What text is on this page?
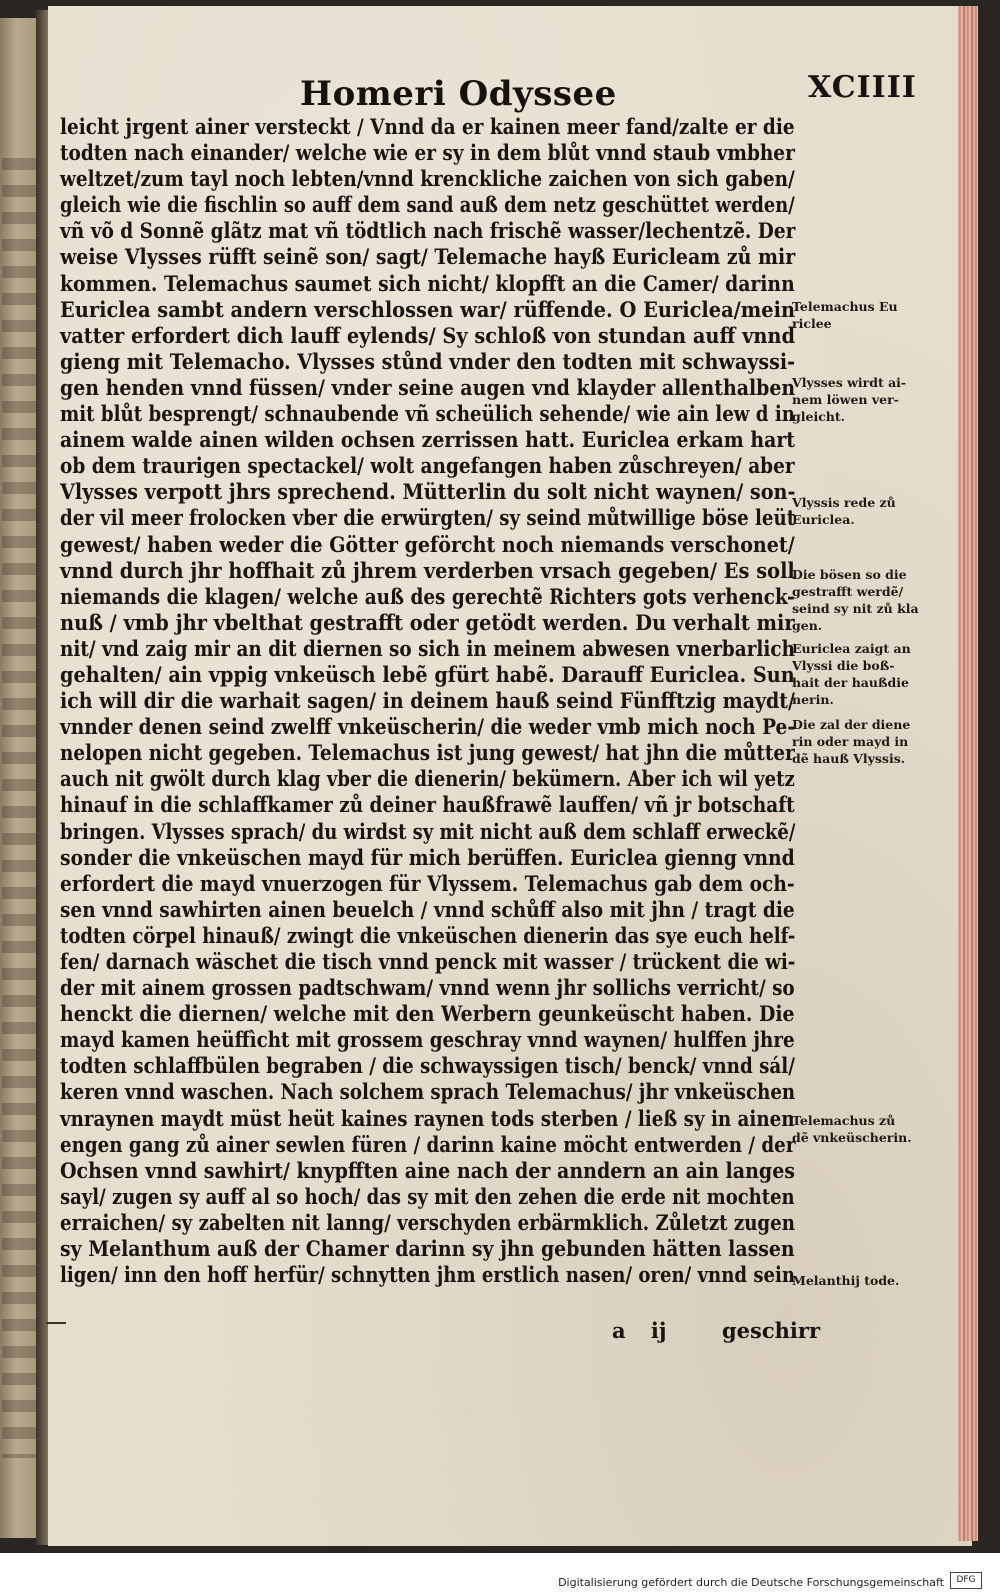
Homeri Odyssee	XCIIII
leicht jrgent ainer versteckt / Vnnd da er kainen meer fand/zalte er die
todten nach einander/ welche wie er sy in dem blůt vnnd staub vmbher
weltzet/zum tayl noch lebten/vnnd krenckliche zaichen von sich gaben/
gleich wie die fischlin so auff dem sand auß dem netz geschüttet werden/
vñ võ d Sonnẽ glãtz mat vñ tödtlich nach frischẽ wasser/lechentzẽ. Der
weise Vlysses rüfft seinẽ son/ sagt/ Telemache hayß Euricleam zů mir
kommen. Telemachus saumet sich nicht/ klopfft an die Camer/ darinn
Euriclea sambt andern verschlossen war/ rüffende. O Euriclea/mein
vatter erfordert dich lauff eylends/ Sy schloß von stundan auff vnnd
gieng mit Telemacho. Vlysses stůnd vnder den todten mit schwayssi-
gen henden vnnd füssen/ vnder seine augen vnd klayder allenthalben
mit blůt besprengt/ schnaubende vñ scheülich sehende/ wie ain lew d in
ainem walde ainen wilden ochsen zerrissen hatt. Euriclea erkam hart
ob dem traurigen spectackel/ wolt angefangen haben zůschreyen/ aber
Vlysses verpott jhrs sprechend. Mütterlin du solt nicht waynen/ son-
der vil meer frolocken vber die erwürgten/ sy seind můtwillige böse leüt
gewest/ haben weder die Götter geförcht noch niemands verschonet/
vnnd durch jhr hoffhait zů jhrem verderben vrsach gegeben/ Es soll
niemands die klagen/ welche auß des gerechtẽ Richters gots verhenck-
nuß / vmb jhr vbelthat gestrafft oder getödt werden. Du verhalt mir
nit/ vnd zaig mir an dit diernen so sich in meinem abwesen vnerbarlich
gehalten/ ain vppig vnkeüsch lebẽ gfürt habẽ. Darauff Euriclea. Sun
ich will dir die warhait sagen/ in deinem hauß seind Fünfftzig maydt/
vnnder denen seind zwelff vnkeüscherin/ die weder vmb mich noch Pe-
nelopen nicht gegeben. Telemachus ist jung gewest/ hat jhn die můtter
auch nit gwölt durch klag vber die dienerin/ bekümern. Aber ich wil yetz
hinauf in die schlaffkamer zů deiner haußfrawẽ lauffen/ vñ jr botschaft
bringen. Vlysses sprach/ du wirdst sy mit nicht auß dem schlaff erweckẽ/
sonder die vnkeüschen mayd für mich berüffen. Euriclea gienng vnnd
erfordert die mayd vnuerzogen für Vlyssem. Telemachus gab dem och-
sen vnnd sawhirten ainen beuelch / vnnd schůff also mit jhn / tragt die
todten cörpel hinauß/ zwingt die vnkeüschen dienerin das sye euch helf-
fen/ darnach wäschet die tisch vnnd penck mit wasser / trückent die wi-
der mit ainem grossen padtschwam/ vnnd wenn jhr sollichs verricht/ so
henckt die diernen/ welche mit den Werbern geunkeüscht haben. Die
mayd kamen heüffìcht mit grossem geschray vnnd waynen/ hulffen jhre
todten schlaffbülen begraben / die schwayssigen tisch/ benck/ vnnd sál/
keren vnnd waschen. Nach solchem sprach Telemachus/ jhr vnkeüschen
vnraynen maydt müst heüt kaines raynen tods sterben / ließ sy in ainen
engen gang zů ainer sewlen füren / darinn kaine möcht entwerden / der
Ochsen vnnd sawhirt/ knypfften aine nach der anndern an ain langes
sayl/ zugen sy auff al so hoch/ das sy mit den zehen die erde nit mochten
erraichen/ sy zabelten nit lanng/ verschyden erbärmklich. Zůletzt zugen
sy Melanthum auß der Chamer darinn sy jhn gebunden hätten lassen
ligen/ inn den hoff herfür/ schnytten jhm erstlich nasen/ oren/ vnnd sein
Telemachus Eu
riclee
Vlysses wirdt ai-
nem löwen ver-
gleicht.
Vlyssis rede zů
Euriclea.
Die bösen so die
gestrafft werdẽ/
seind sy nit zů kla
gen.
Euriclea zaigt an
Vlyssi die boß-
hait der haußdie
nerin.
Die zal der diene
rin oder mayd in
dẽ hauß Vlyssis.
Telemachus zů
dẽ vnkeüscherin.
Melanthij tode.
a ij	geschirr
Digitalisierung gefördert durch die Deutsche Forschungsgemeinschaft	DFG
